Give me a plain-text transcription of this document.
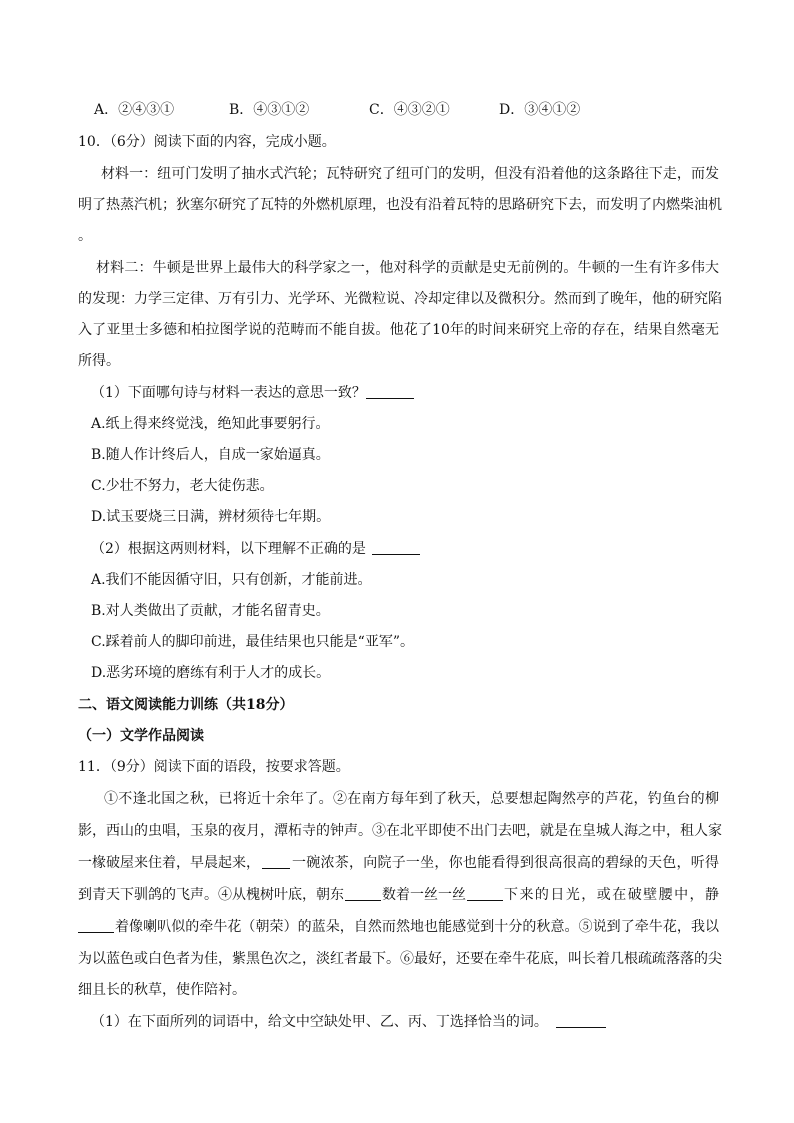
A．②④③①	B．④③①②	C．④③②①	D．③④①②
10．（6分）阅读下面的内容，完成小题。
材料一：纽可门发明了抽水式汽轮；瓦特研究了纽可门的发明，但没有沿着他的这条路往下走，而发
明了热蒸汽机；狄塞尔研究了瓦特的外燃机原理，也没有沿着瓦特的思路研究下去，而发明了内燃柴油机
。
材料二：牛顿是世界上最伟大的科学家之一，他对科学的贡献是史无前例的。牛顿的一生有许多伟大
的发现：力学三定律、万有引力、光学环、光微粒说、冷却定律以及微积分。然而到了晚年，他的研究陷
入了亚里士多德和柏拉图学说的范畴而不能自拔。他花了10年的时间来研究上帝的存在，结果自然毫无
所得。
（1）下面哪句诗与材料一表达的意思一致？
A.纸上得来终觉浅，绝知此事要躬行。
B.随人作计终后人，自成一家始逼真。
C.少壮不努力，老大徒伤悲。
D.试玉要烧三日满，辨材须待七年期。
（2）根据这两则材料，以下理解不正确的是
A.我们不能因循守旧，只有创新，才能前进。
B.对人类做出了贡献，才能名留青史。
C.踩着前人的脚印前进，最佳结果也只能是“亚军”。
D.恶劣环境的磨练有利于人才的成长。
二、语文阅读能力训练（共18分）
（一）文学作品阅读
11．（9分）阅读下面的语段，按要求答题。
①不逢北国之秋，已将近十余年了。②在南方每年到了秋天，总要想起陶然亭的芦花，钓鱼台的柳
影，西山的虫唱，玉泉的夜月，潭柘寺的钟声。③在北平即使不出门去吧，就是在皇城人海之中，租人家
一椽破屋来住着，早晨起来， 一碗浓茶，向院子一坐，你也能看得到很高很高的碧绿的天色，听得
到青天下驯鸽的飞声。④从槐树叶底，朝东	数着一丝一丝	下来的日光，或在破壁腰中，静
着像喇叭似的牵牛花（朝荣）的蓝朵，自然而然地也能感觉到十分的秋意。⑤说到了牵牛花，我以
为以蓝色或白色者为佳，紫黑色次之，淡红者最下。⑥最好，还要在牵牛花底，叫长着几根疏疏落落的尖
细且长的秋草，使作陪衬。
（1）在下面所列的词语中，给文中空缺处甲、乙、丙、丁选择恰当的词。
